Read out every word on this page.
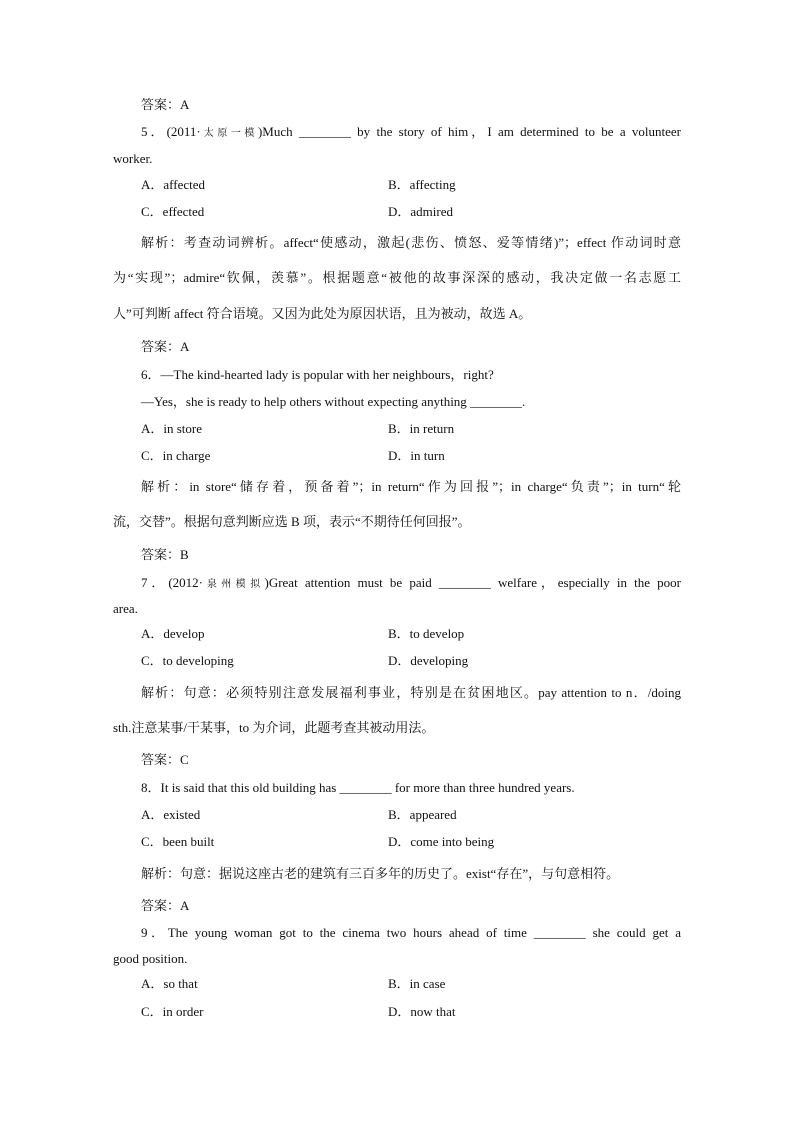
答案：A
5．(2011·太原一模)Much ________ by the story of him，I am determined to be a volunteer
worker.
A．affected	B．affecting
C．effected	D．admired
解析：考查动词辨析。affect“使感动，激起(悲伤、愤怒、爱等情绪)”；effect 作动词时意
为“实现”；admire“钦佩，羡慕”。根据题意“被他的故事深深的感动，我决定做一名志愿工
人”可判断 affect 符合语境。又因为此处为原因状语，且为被动，故选 A。
答案：A
6．—The kind-hearted lady is popular with her neighbours，right?
—Yes，she is ready to help others without expecting anything ________.
A．in store	B．in return
C．in charge	D．in turn
解析：in store“储存着，预备着”；in return“作为回报”；in charge“负责”；in turn“轮
流，交替”。根据句意判断应选 B 项，表示“不期待任何回报”。
答案：B
7．(2012·泉州模拟)Great attention must be paid ________ welfare，especially in the poor
area.
A．develop	B．to develop
C．to developing	D．developing
解析：句意：必须特别注意发展福利事业，特别是在贫困地区。pay attention to n．/doing
sth.注意某事/干某事，to 为介词，此题考查其被动用法。
答案：C
8．It is said that this old building has ________ for more than three hundred years.
A．existed	B．appeared
C．been built	D．come into being
解析：句意：据说这座古老的建筑有三百多年的历史了。exist“存在”，与句意相符。
答案：A
9．The young woman got to the cinema two hours ahead of time ________ she could get a
good position.
A．so that	B．in case
C．in order	D．now that
